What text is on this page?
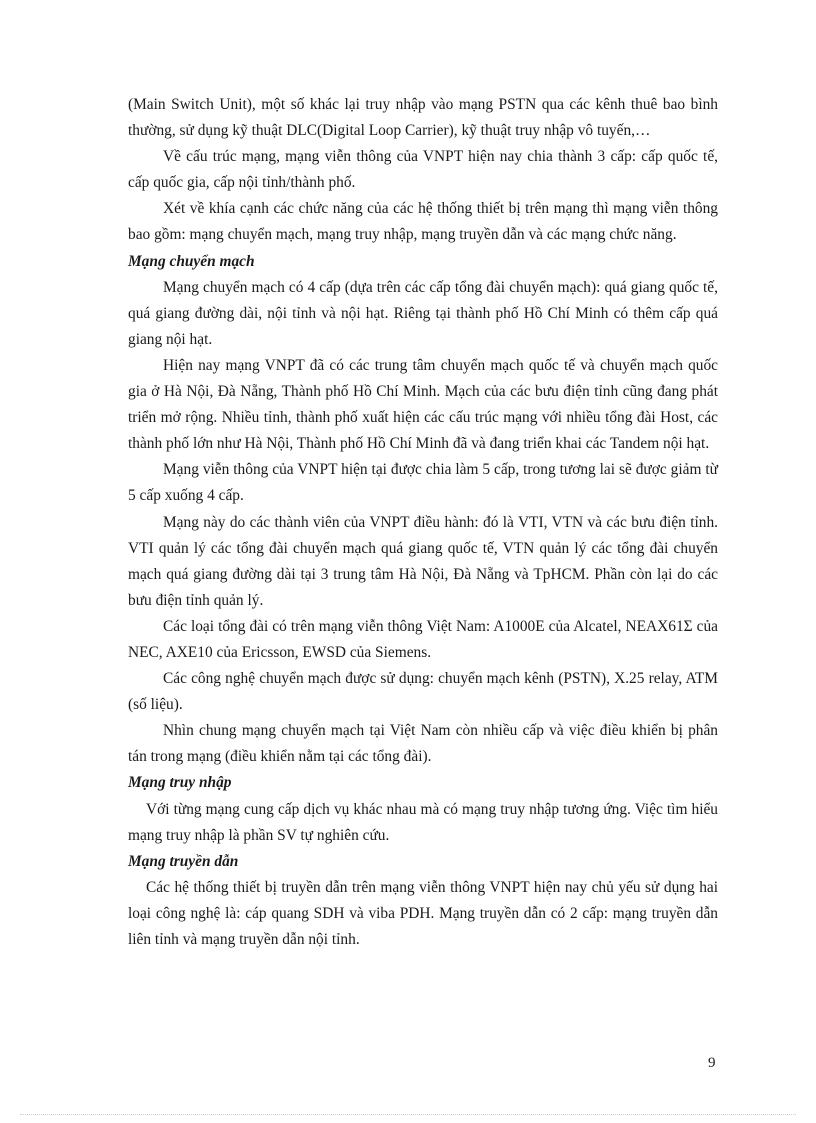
(Main Switch Unit), một số khác lại truy nhập vào mạng PSTN qua các kênh thuê bao bình thường, sử dụng kỹ thuật DLC(Digital Loop Carrier), kỹ thuật truy nhập vô tuyến,…

Về cấu trúc mạng, mạng viễn thông của VNPT hiện nay chia thành 3 cấp: cấp quốc tế, cấp quốc gia, cấp nội tỉnh/thành phố.

Xét về khía cạnh các chức năng của các hệ thống thiết bị trên mạng thì mạng viễn thông bao gồm: mạng chuyển mạch, mạng truy nhập, mạng truyền dẫn và các mạng chức năng.

Mạng chuyển mạch

Mạng chuyển mạch có 4 cấp (dựa trên các cấp tổng đài chuyển mạch): quá giang quốc tế, quá giang đường dài, nội tỉnh và nội hạt. Riêng tại thành phố Hồ Chí Minh có thêm cấp quá giang nội hạt.

Hiện nay mạng VNPT đã có các trung tâm chuyển mạch quốc tế và chuyển mạch quốc gia ở Hà Nội, Đà Nẵng, Thành phố Hồ Chí Minh. Mạch của các bưu điện tỉnh cũng đang phát triển mở rộng. Nhiều tỉnh, thành phố xuất hiện các cấu trúc mạng với nhiều tổng đài Host, các thành phố lớn như Hà Nội, Thành phố Hồ Chí Minh đã và đang triển khai các Tandem nội hạt.

Mạng viễn thông của VNPT hiện tại được chia làm 5 cấp, trong tương lai sẽ được giảm từ 5 cấp xuống 4 cấp.

Mạng này do các thành viên của VNPT điều hành: đó là VTI, VTN và các bưu điện tỉnh. VTI quản lý các tổng đài chuyển mạch quá giang quốc tế, VTN quản lý các tổng đài chuyển mạch quá giang đường dài tại 3 trung tâm Hà Nội, Đà Nẵng và TpHCM. Phần còn lại do các bưu điện tỉnh quản lý.

Các loại tổng đài có trên mạng viễn thông Việt Nam: A1000E của Alcatel, NEAX61Σ của NEC, AXE10 của Ericsson, EWSD của Siemens.

Các công nghệ chuyển mạch được sử dụng: chuyển mạch kênh (PSTN), X.25 relay, ATM (số liệu).

Nhìn chung mạng chuyển mạch tại Việt Nam còn nhiều cấp và việc điều khiển bị phân tán trong mạng (điều khiển nằm tại các tổng đài).

Mạng truy nhập

Với từng mạng cung cấp dịch vụ khác nhau mà có mạng truy nhập tương ứng. Việc tìm hiểu mạng truy nhập là phần SV tự nghiên cứu.

Mạng truyền dẫn

Các hệ thống thiết bị truyền dẫn trên mạng viễn thông VNPT hiện nay chủ yếu sử dụng hai loại công nghệ là: cáp quang SDH và viba PDH. Mạng truyền dẫn có 2 cấp: mạng truyền dẫn liên tỉnh và mạng truyền dẫn nội tỉnh.

9
